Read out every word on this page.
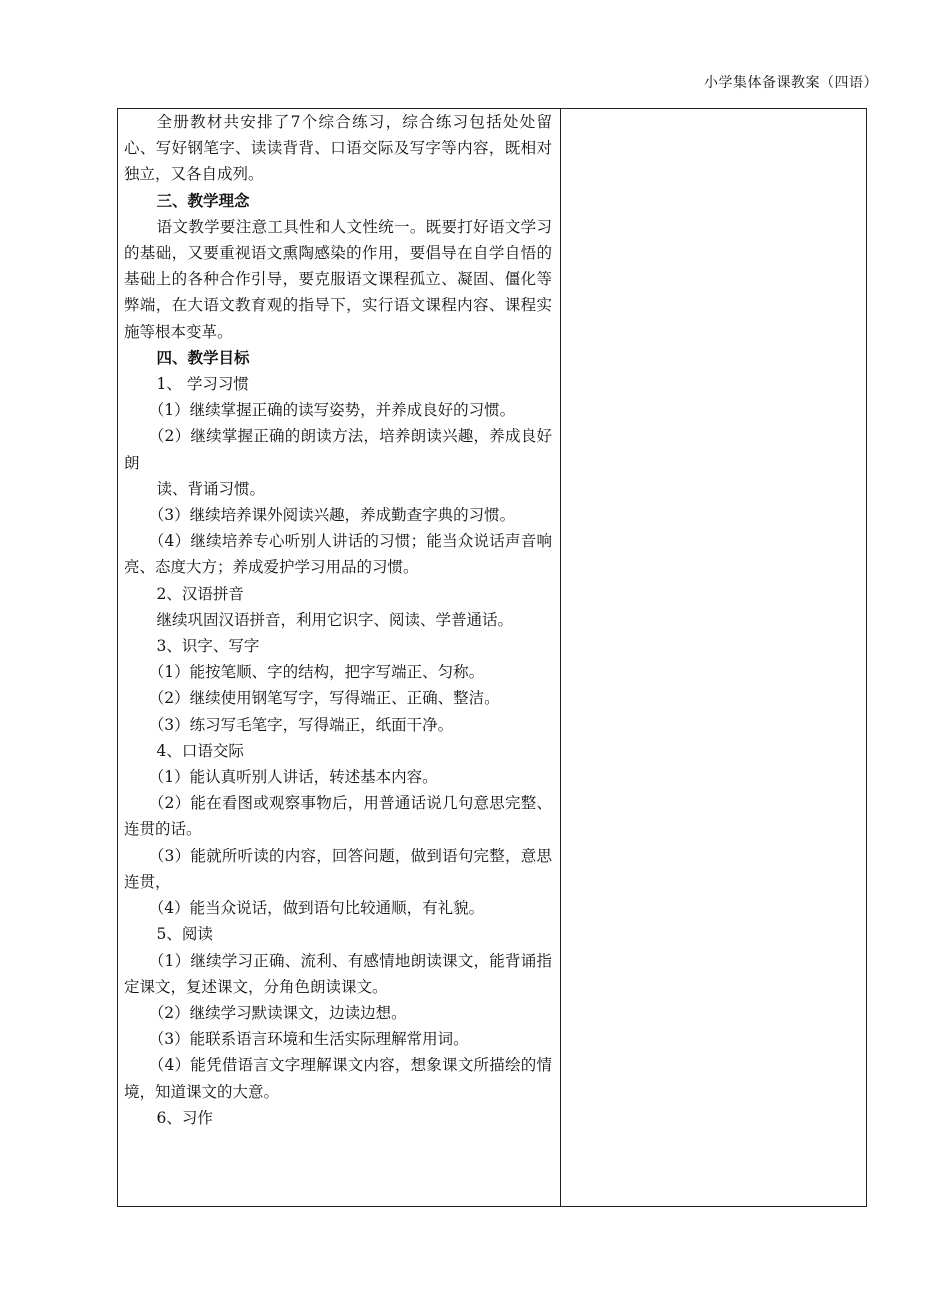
小学集体备课教案（四语）

全册教材共安排了7个综合练习，综合练习包括处处留心、写好钢笔字、读读背背、口语交际及写字等内容，既相对独立，又各自成列。

三、教学理念

语文教学要注意工具性和人文性统一。既要打好语文学习的基础，又要重视语文熏陶感染的作用，要倡导在自学自悟的基础上的各种合作引导，要克服语文课程孤立、凝固、僵化等弊端，在大语文教育观的指导下，实行语文课程内容、课程实施等根本变革。

四、教学目标

1、 学习习惯

（1）继续掌握正确的读写姿势，并养成良好的习惯。

（2）继续掌握正确的朗读方法，培养朗读兴趣，养成良好朗

读、背诵习惯。

（3）继续培养课外阅读兴趣，养成勤查字典的习惯。

（4）继续培养专心听别人讲话的习惯；能当众说话声音响亮、态度大方；养成爱护学习用品的习惯。

2、汉语拼音

继续巩固汉语拼音，利用它识字、阅读、学普通话。

3、识字、写字

（1）能按笔顺、字的结构，把字写端正、匀称。

（2）继续使用钢笔写字，写得端正、正确、整洁。

（3）练习写毛笔字，写得端正，纸面干净。

4、口语交际

（1）能认真听别人讲话，转述基本内容。

（2）能在看图或观察事物后，用普通话说几句意思完整、连贯的话。

（3）能就所听读的内容，回答问题，做到语句完整，意思连贯，

（4）能当众说话，做到语句比较通顺，有礼貌。

5、阅读

（1）继续学习正确、流利、有感情地朗读课文，能背诵指定课文，复述课文，分角色朗读课文。

（2）继续学习默读课文，边读边想。

（3）能联系语言环境和生活实际理解常用词。

（4）能凭借语言文字理解课文内容，想象课文所描绘的情境，知道课文的大意。

6、习作
